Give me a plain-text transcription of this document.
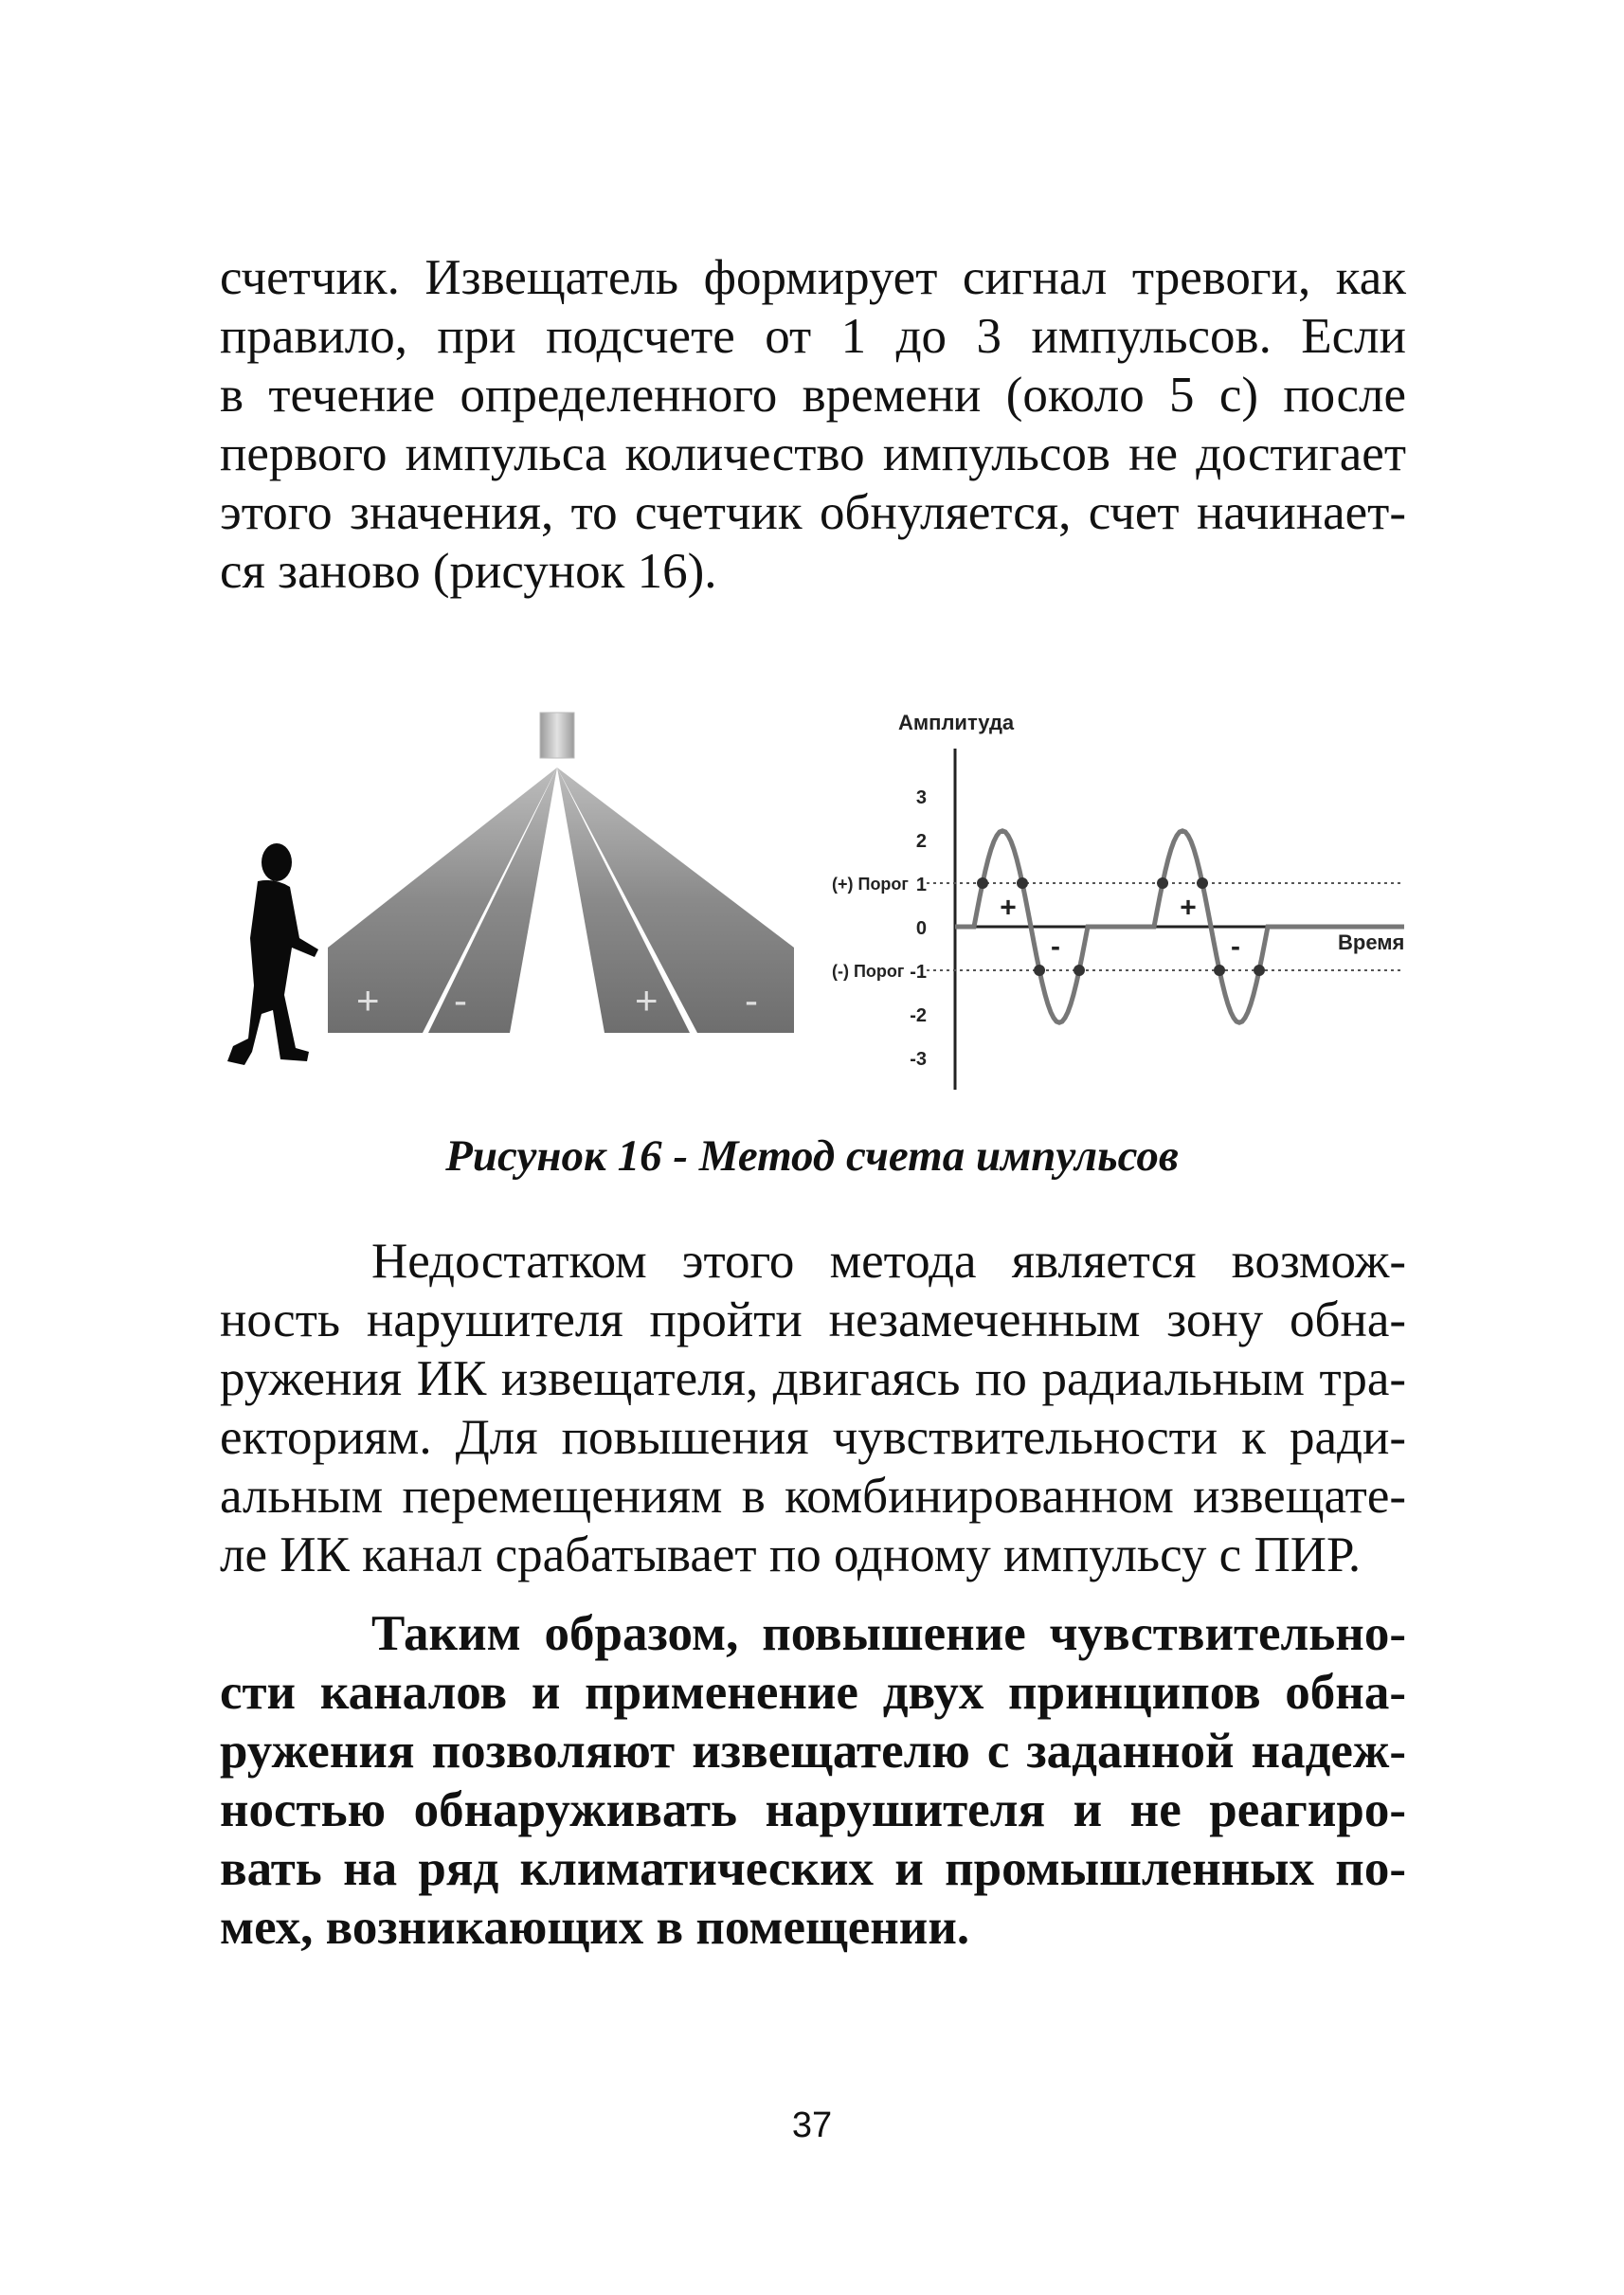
счетчик. Извещатель формирует сигнал тревоги, как
правило, при подсчете от 1 до 3 импульсов. Если
в течение определенного времени (около 5 с) после
первого импульса количество импульсов не достигает
этого значения, то счетчик обнуляется, счет начинает-
ся заново (рисунок 16).
+ -	+ -
3
2
1
0
-1
-2
-3
Амплитуда
Время
(+) Порог
(-) Порог
+
-
+
-
Рисунок 16 - Метод счета импульсов
Недостатком этого метода является возмож-
ность нарушителя пройти незамеченным зону обна-
ружения ИК извещателя, двигаясь по радиальным тра-
екториям. Для повышения чувствительности к ради-
альным перемещениям в комбинированном извещате-
ле ИК канал срабатывает по одному импульсу с ПИР.
Таким образом, повышение чувствительно-
сти каналов и применение двух принципов обна-
ружения позволяют извещателю с заданной надеж-
ностью обнаруживать нарушителя и не реагиро-
вать на ряд климатических и промышленных по-
мех, возникающих в помещении.
37
